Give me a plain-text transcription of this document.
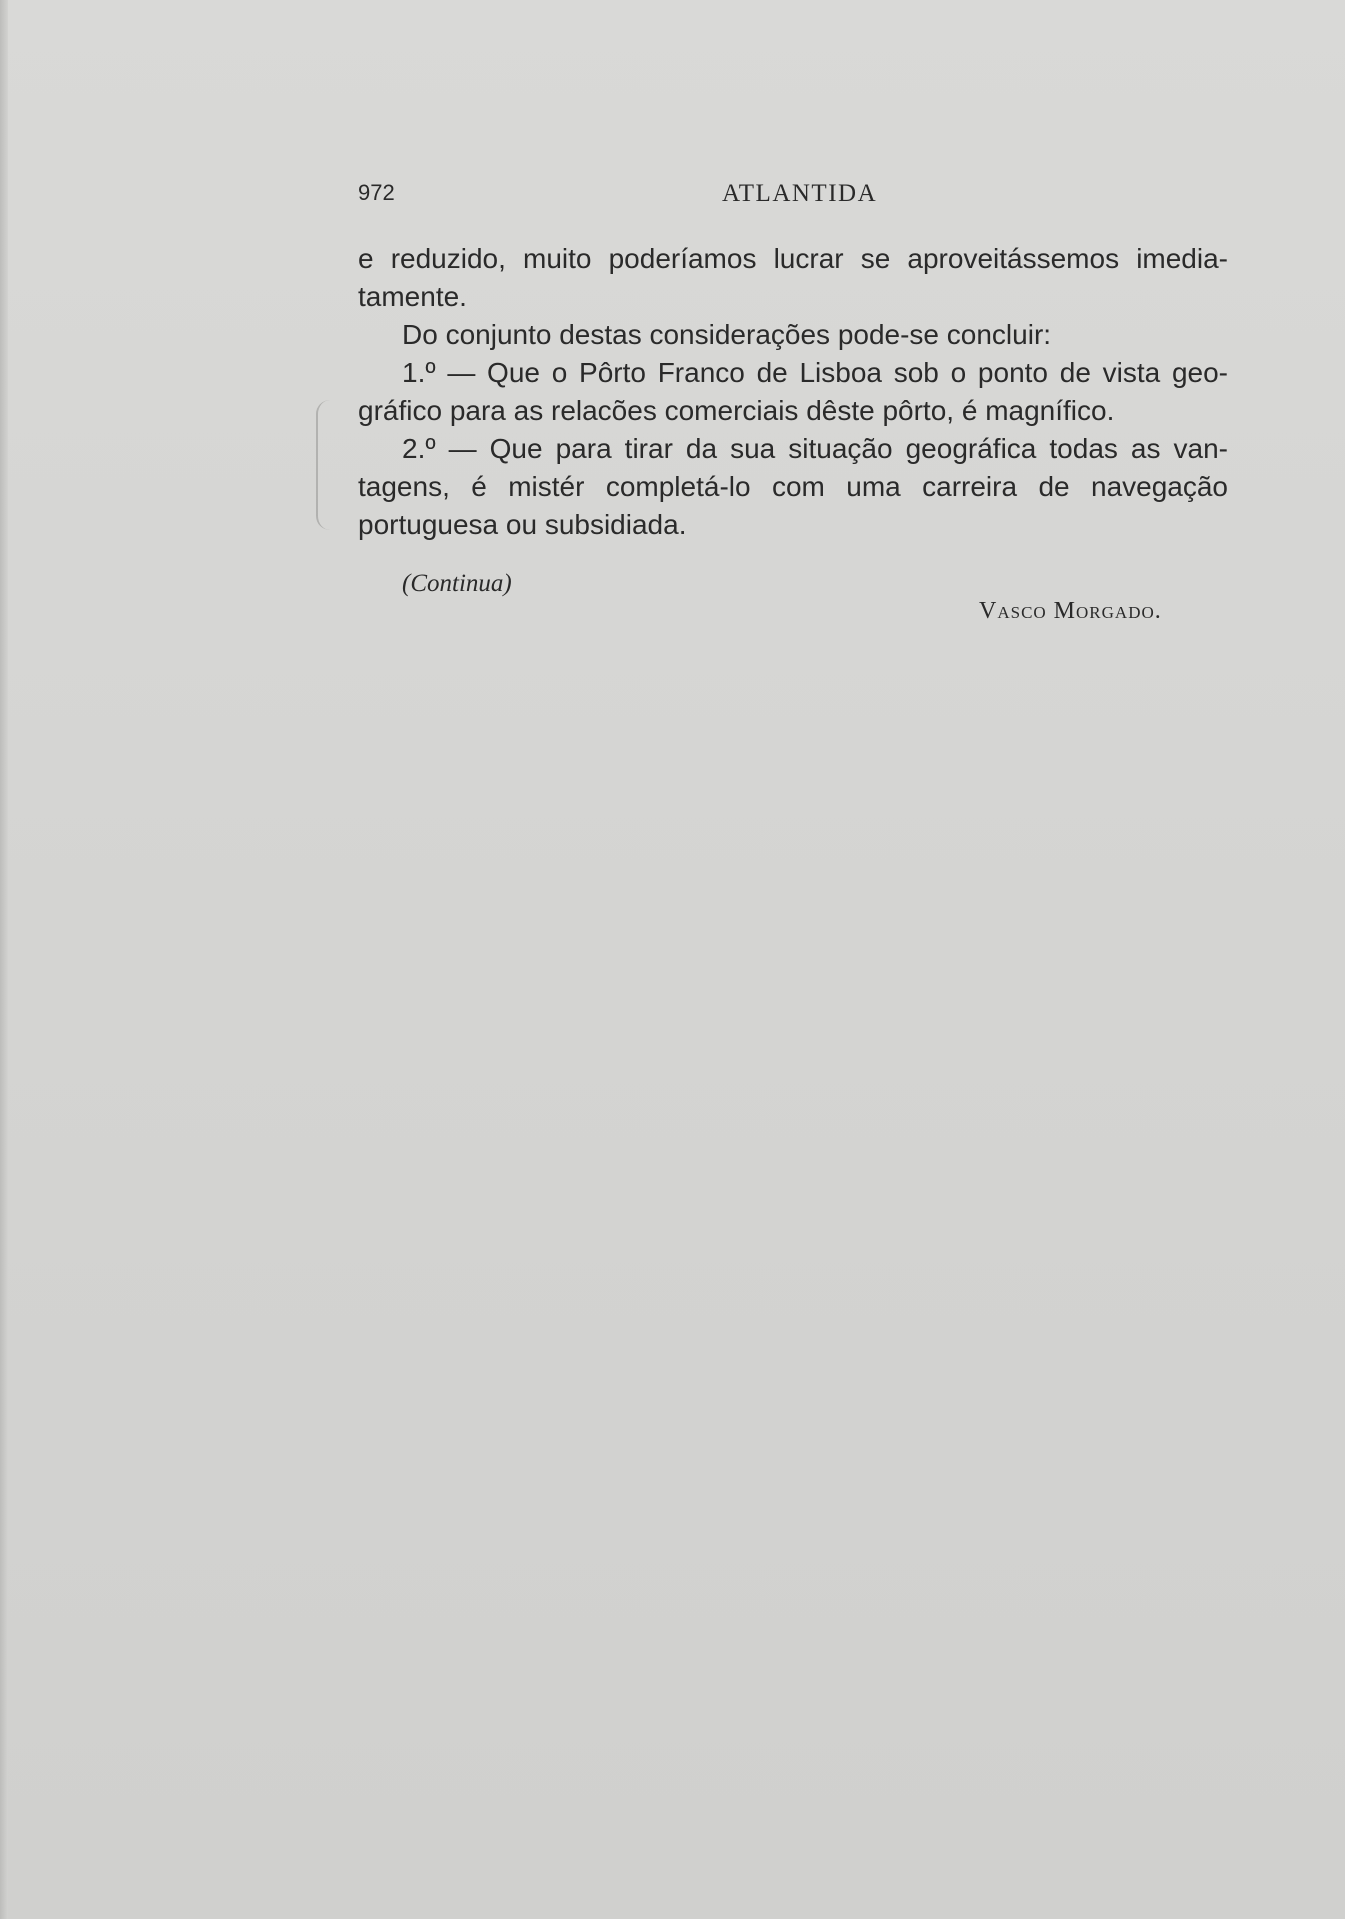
972	ATLANTIDA
e reduzido, muito poderíamos lucrar se aproveitássemos imedia-
tamente.
Do conjunto destas considerações pode-se concluir:
1.º — Que o Pôrto Franco de Lisboa sob o ponto de vista geo-
gráfico para as relacões comerciais dêste pôrto, é magnífico.
2.º — Que para tirar da sua situação geográfica todas as van-
tagens, é mistér completá-lo com uma carreira de navegação
portuguesa ou subsidiada.
(Continua)
Vasco Morgado.
